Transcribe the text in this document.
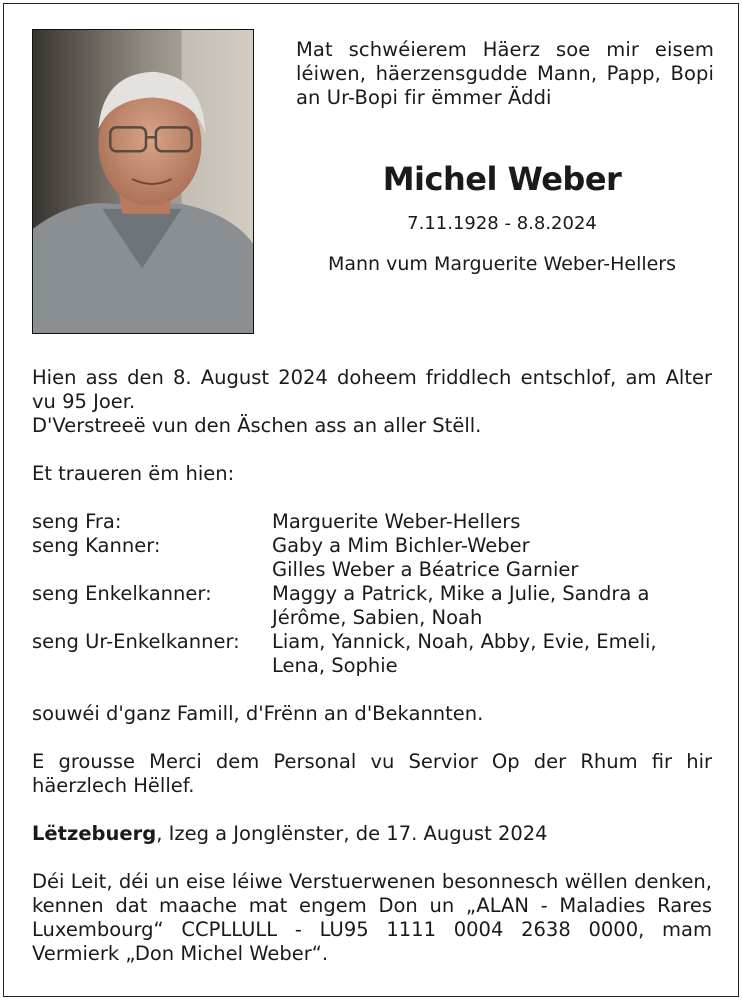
Mat schwéierem Häerz soe mir eisem léiwen, häerzensgudde Mann, Papp, Bopi an Ur-Bopi fir ëmmer Äddi
Michel Weber
7.11.1928 - 8.8.2024
Mann vum Marguerite Weber-Hellers

Hien ass den 8. August 2024 doheem friddlech entschlof, am Alter vu 95 Joer.

D'Verstreeë vun den Äschen ass an aller Stëll.

Et traueren ëm hien:

seng Fra:	Marguerite Weber-Hellers
seng Kanner:	Gaby a Mim Bichler-Weber
Gilles Weber a Béatrice Garnier
seng Enkelkanner:	Maggy a Patrick, Mike a Julie, Sandra a
Jérôme, Sabien, Noah
seng Ur-Enkelkanner:	Liam, Yannick, Noah, Abby, Evie, Emeli,
Lena, Sophie

souwéi d'ganz Famill, d'Frënn an d'Bekannten.

E grousse Merci dem Personal vu Servior Op der Rhum fir hir häerzlech Hëllef.

Lëtzebuerg, Izeg a Jonglënster, de 17. August 2024

Déi Leit, déi un eise léiwe Verstuerwenen besonnesch wëllen denken, kennen dat maache mat engem Don un „ALAN - Maladies Rares Luxembourg“ CCPLLULL - LU95 1111 0004 2638 0000, mam Vermierk „Don Michel Weber“.
